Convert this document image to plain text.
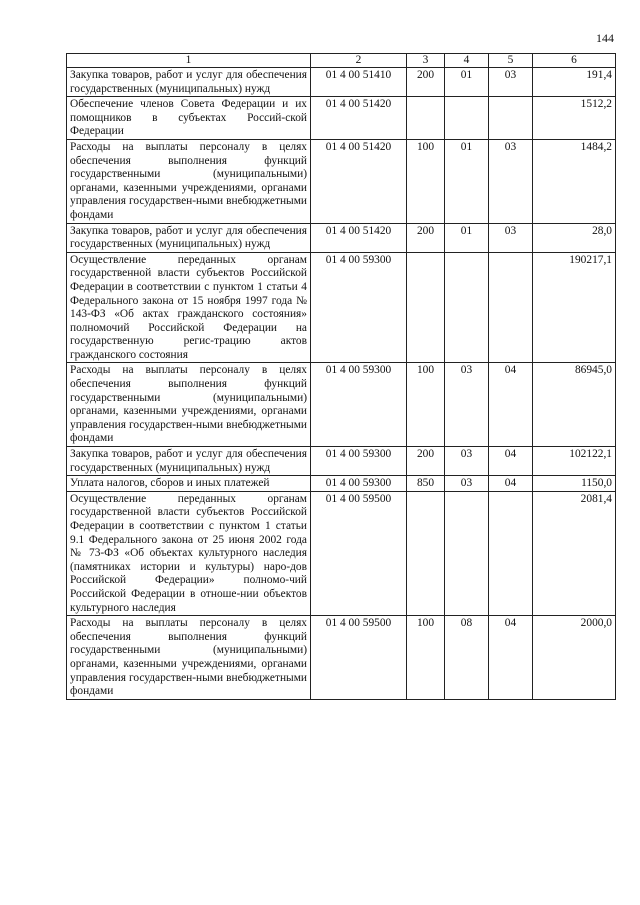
144
1	2	3	4	5	6
Закупка товаров, работ и услуг для обеспечения государственных (муниципальных) нужд	01 4 00 51410	200	01	03	191,4
Обеспечение членов Совета Федерации и их помощников в субъектах Россий-ской Федерации	01 4 00 51420				1512,2
Расходы на выплаты персоналу в целях обеспечения выполнения функций государственными (муниципальными) органами, казенными учреждениями, органами управления государствен-ными внебюджетными фондами	01 4 00 51420	100	01	03	1484,2
Закупка товаров, работ и услуг для обеспечения государственных (муниципальных) нужд	01 4 00 51420	200	01	03	28,0
Осуществление переданных органам государственной власти субъектов Российской Федерации в соответствии с пунктом 1 статьи 4 Федерального закона от 15 ноября 1997 года № 143-ФЗ «Об актах гражданского состояния» полномочий Российской Федерации на государственную регис-трацию актов гражданского состояния	01 4 00 59300				190217,1
Расходы на выплаты персоналу в целях обеспечения выполнения функций государственными (муниципальными) органами, казенными учреждениями, органами управления государствен-ными внебюджетными фондами	01 4 00 59300	100	03	04	86945,0
Закупка товаров, работ и услуг для обеспечения государственных (муниципальных) нужд	01 4 00 59300	200	03	04	102122,1
Уплата налогов, сборов и иных платежей	01 4 00 59300	850	03	04	1150,0
Осуществление переданных органам государственной власти субъектов Российской Федерации в соответствии с пунктом 1 статьи 9.1 Федерального закона от 25 июня 2002 года № 73-ФЗ «Об объектах культурного наследия (памятниках истории и культуры) наро-дов Российской Федерации» полномо-чий Российской Федерации в отноше-нии объектов культурного наследия	01 4 00 59500				2081,4
Расходы на выплаты персоналу в целях обеспечения выполнения функций государственными (муниципальными) органами, казенными учреждениями, органами управления государствен-ными внебюджетными фондами	01 4 00 59500	100	08	04	2000,0
